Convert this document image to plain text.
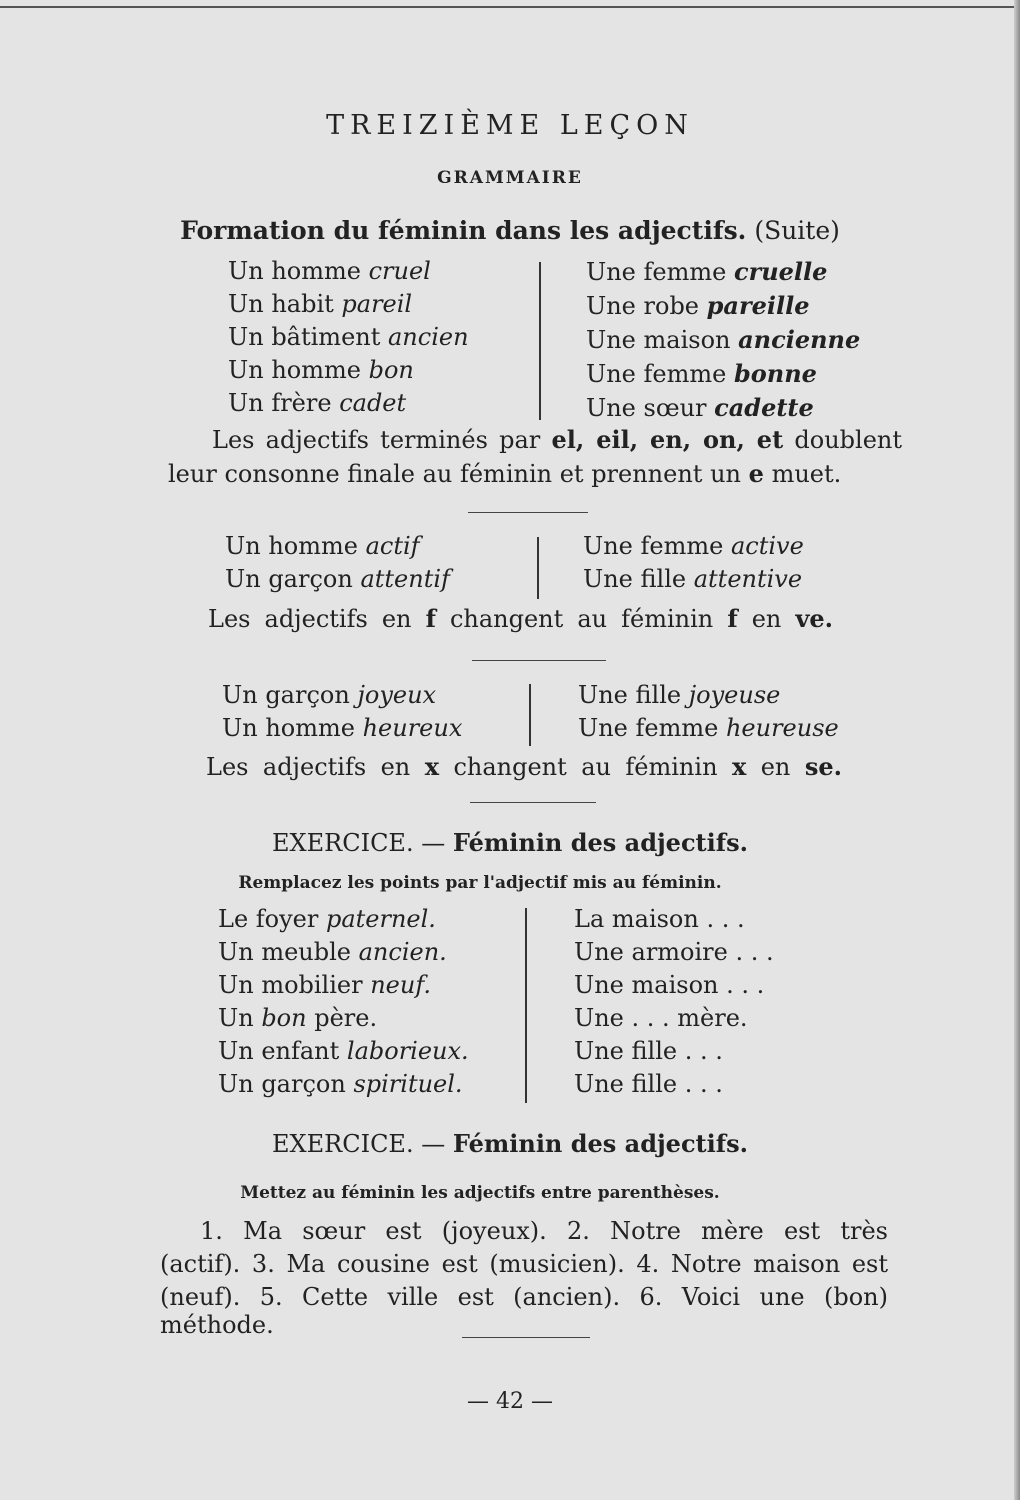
TREIZIÈME LEÇON
GRAMMAIRE
Formation du féminin dans les adjectifs. (Suite)
Un homme cruel
Un habit pareil
Un bâtiment ancien
Un homme bon
Un frère cadet
Une femme cruelle
Une robe pareille
Une maison ancienne
Une femme bonne
Une sœur cadette
Les adjectifs terminés par el, eil, en, on, et doublent
leur consonne finale au féminin et prennent un e muet.
Un homme actif
Un garçon attentif
Une femme active
Une fille attentive
Les adjectifs en f changent au féminin f en ve.
Un garçon joyeux
Un homme heureux
Une fille joyeuse
Une femme heureuse
Les adjectifs en x changent au féminin x en se.
EXERCICE. — Féminin des adjectifs.
Remplacez les points par l'adjectif mis au féminin.
Le foyer paternel.
Un meuble ancien.
Un mobilier neuf.
Un bon père.
Un enfant laborieux.
Un garçon spirituel.
La maison . . .
Une armoire . . .
Une maison . . .
Une . . . mère.
Une fille . . .
Une fille . . .
EXERCICE. — Féminin des adjectifs.
Mettez au féminin les adjectifs entre parenthèses.
1. Ma sœur est (joyeux). 2. Notre mère est très
(actif). 3. Ma cousine est (musicien). 4. Notre maison est
(neuf). 5. Cette ville est (ancien). 6. Voici une (bon) méthode.
— 42 —
